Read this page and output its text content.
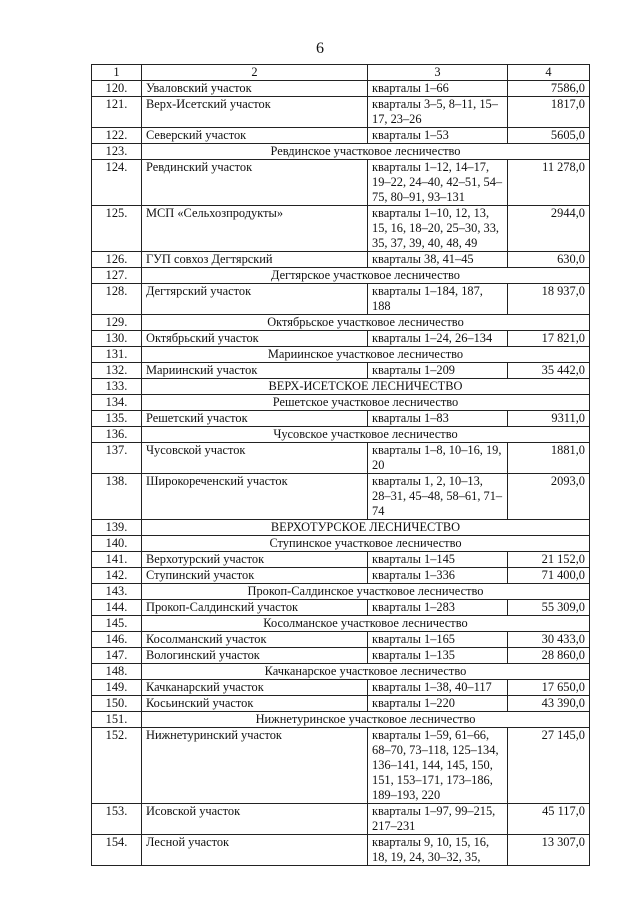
6
1	2	3	4
120.	Уваловский участок	кварталы 1–66	7586,0
121.	Верх-Исетский участок	кварталы 3–5, 8–11, 15–17, 23–26	1817,0
122.	Северский участок	кварталы 1–53	5605,0
123.	Ревдинское участковое лесничество		
124.	Ревдинский участок	кварталы 1–12, 14–17, 19–22, 24–40, 42–51, 54–75, 80–91, 93–131	11 278,0
125.	МСП «Сельхозпродукты»	кварталы 1–10, 12, 13, 15, 16, 18–20, 25–30, 33, 35, 37, 39, 40, 48, 49	2944,0
126.	ГУП совхоз Дегтярский	кварталы 38, 41–45	630,0
127.	Дегтярское участковое лесничество		
128.	Дегтярский участок	кварталы 1–184, 187, 188	18 937,0
129.	Октябрьское участковое лесничество		
130.	Октябрьский участок	кварталы 1–24, 26–134	17 821,0
131.	Мариинское участковое лесничество		
132.	Мариинский участок	кварталы 1–209	35 442,0
133.	ВЕРХ-ИСЕТСКОЕ ЛЕСНИЧЕСТВО		
134.	Решетское участковое лесничество		
135.	Решетский участок	кварталы 1–83	9311,0
136.	Чусовское участковое лесничество		
137.	Чусовской участок	кварталы 1–8, 10–16, 19, 20	1881,0
138.	Широкореченский участок	кварталы 1, 2, 10–13, 28–31, 45–48, 58–61, 71–74	2093,0
139.	ВЕРХОТУРСКОЕ ЛЕСНИЧЕСТВО		
140.	Ступинское участковое лесничество		
141.	Верхотурский участок	кварталы 1–145	21 152,0
142.	Ступинский участок	кварталы 1–336	71 400,0
143.	Прокоп-Салдинское участковое лесничество		
144.	Прокоп-Салдинский участок	кварталы 1–283	55 309,0
145.	Косолманское участковое лесничество		
146.	Косолманский участок	кварталы 1–165	30 433,0
147.	Вологинский участок	кварталы 1–135	28 860,0
148.	Качканарское участковое лесничество		
149.	Качканарский участок	кварталы 1–38, 40–117	17 650,0
150.	Косьинский участок	кварталы 1–220	43 390,0
151.	Нижнетуринское участковое лесничество		
152.	Нижнетуринский участок	кварталы 1–59, 61–66, 68–70, 73–118, 125–134, 136–141, 144, 145, 150, 151, 153–171, 173–186, 189–193, 220	27 145,0
153.	Исовской участок	кварталы 1–97, 99–215, 217–231	45 117,0
154.	Лесной участок	кварталы 9, 10, 15, 16, 18, 19, 24, 30–32, 35,	13 307,0
